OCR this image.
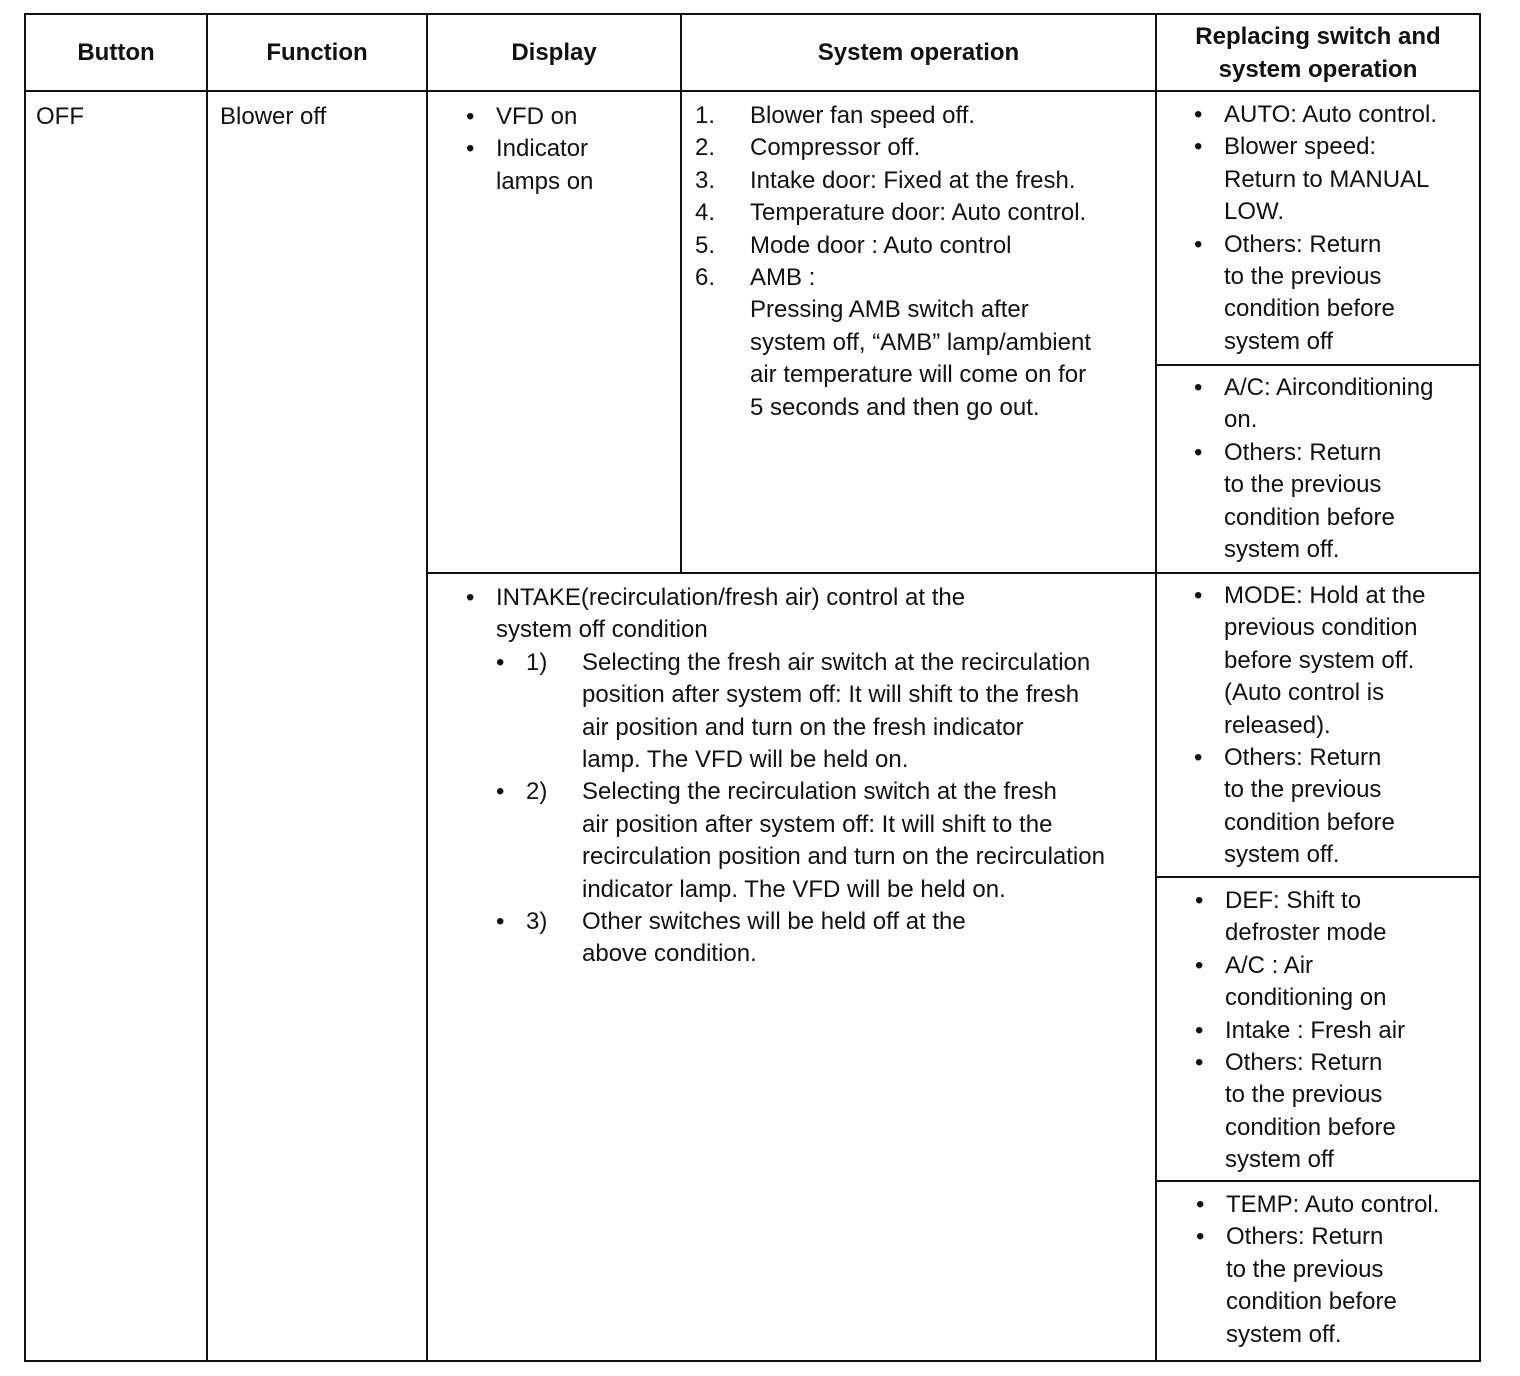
Button	Function	Display	System operation
Replacing switch and
system operation
OFF	Blower off
•	VFD on
• Indicator
lamps on
1.	Blower fan speed off.
2.	Compressor off.
3.	Intake door: Fixed at the fresh.
4.	Temperature door: Auto control.
5.	Mode door : Auto control
6.	AMB :
Pressing AMB switch after
system off, “AMB” lamp/ambient
air temperature will come on for
5 seconds and then go out.
• INTAKE(recirculation/fresh air) control at the
system off condition
• 1)	Selecting the fresh air switch at the recirculation
position after system off: It will shift to the fresh
air position and turn on the fresh indicator
lamp. The VFD will be held on.
• 2)	Selecting the recirculation switch at the fresh
air position after system off: It will shift to the
recirculation position and turn on the recirculation
indicator lamp. The VFD will be held on.
• 3)	Other switches will be held off at the
above condition.
• AUTO: Auto control.
• Blower speed:
Return to MANUAL
LOW.
• Others: Return
to the previous
condition before
system off
• A/C: Airconditioning
on.
• Others: Return
to the previous
condition before
system off.
• MODE: Hold at the
previous condition
before system off.
(Auto control is
released).
• Others: Return
to the previous
condition before
system off.
• DEF: Shift to
defroster mode
• A/C : Air
conditioning on
• Intake : Fresh air
• Others: Return
to the previous
condition before
system off
• TEMP: Auto control.
• Others: Return
to the previous
condition before
system off.
